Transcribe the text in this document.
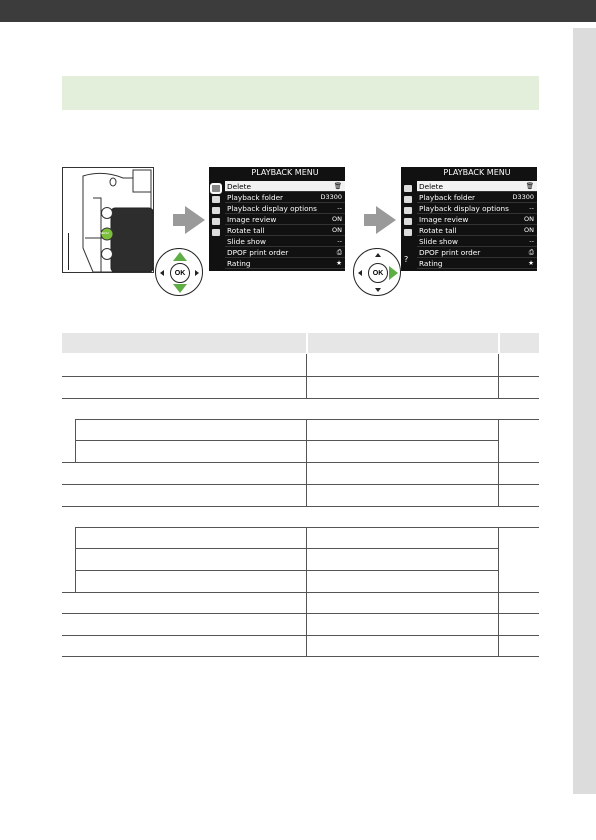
MENU
OK
PLAYBACK MENU
Delete	🗑
Playback folder	D3300
Playback display options	--
Image review	ON
Rotate tall	ON
Slide show	--
DPOF print order	⎙
Rating	★
OK
PLAYBACK MENU
?
Delete	🗑
Playback folder	D3300
Playback display options	--
Image review	ON
Rotate tall	ON
Slide show	--
DPOF print order	⎙
Rating	★
